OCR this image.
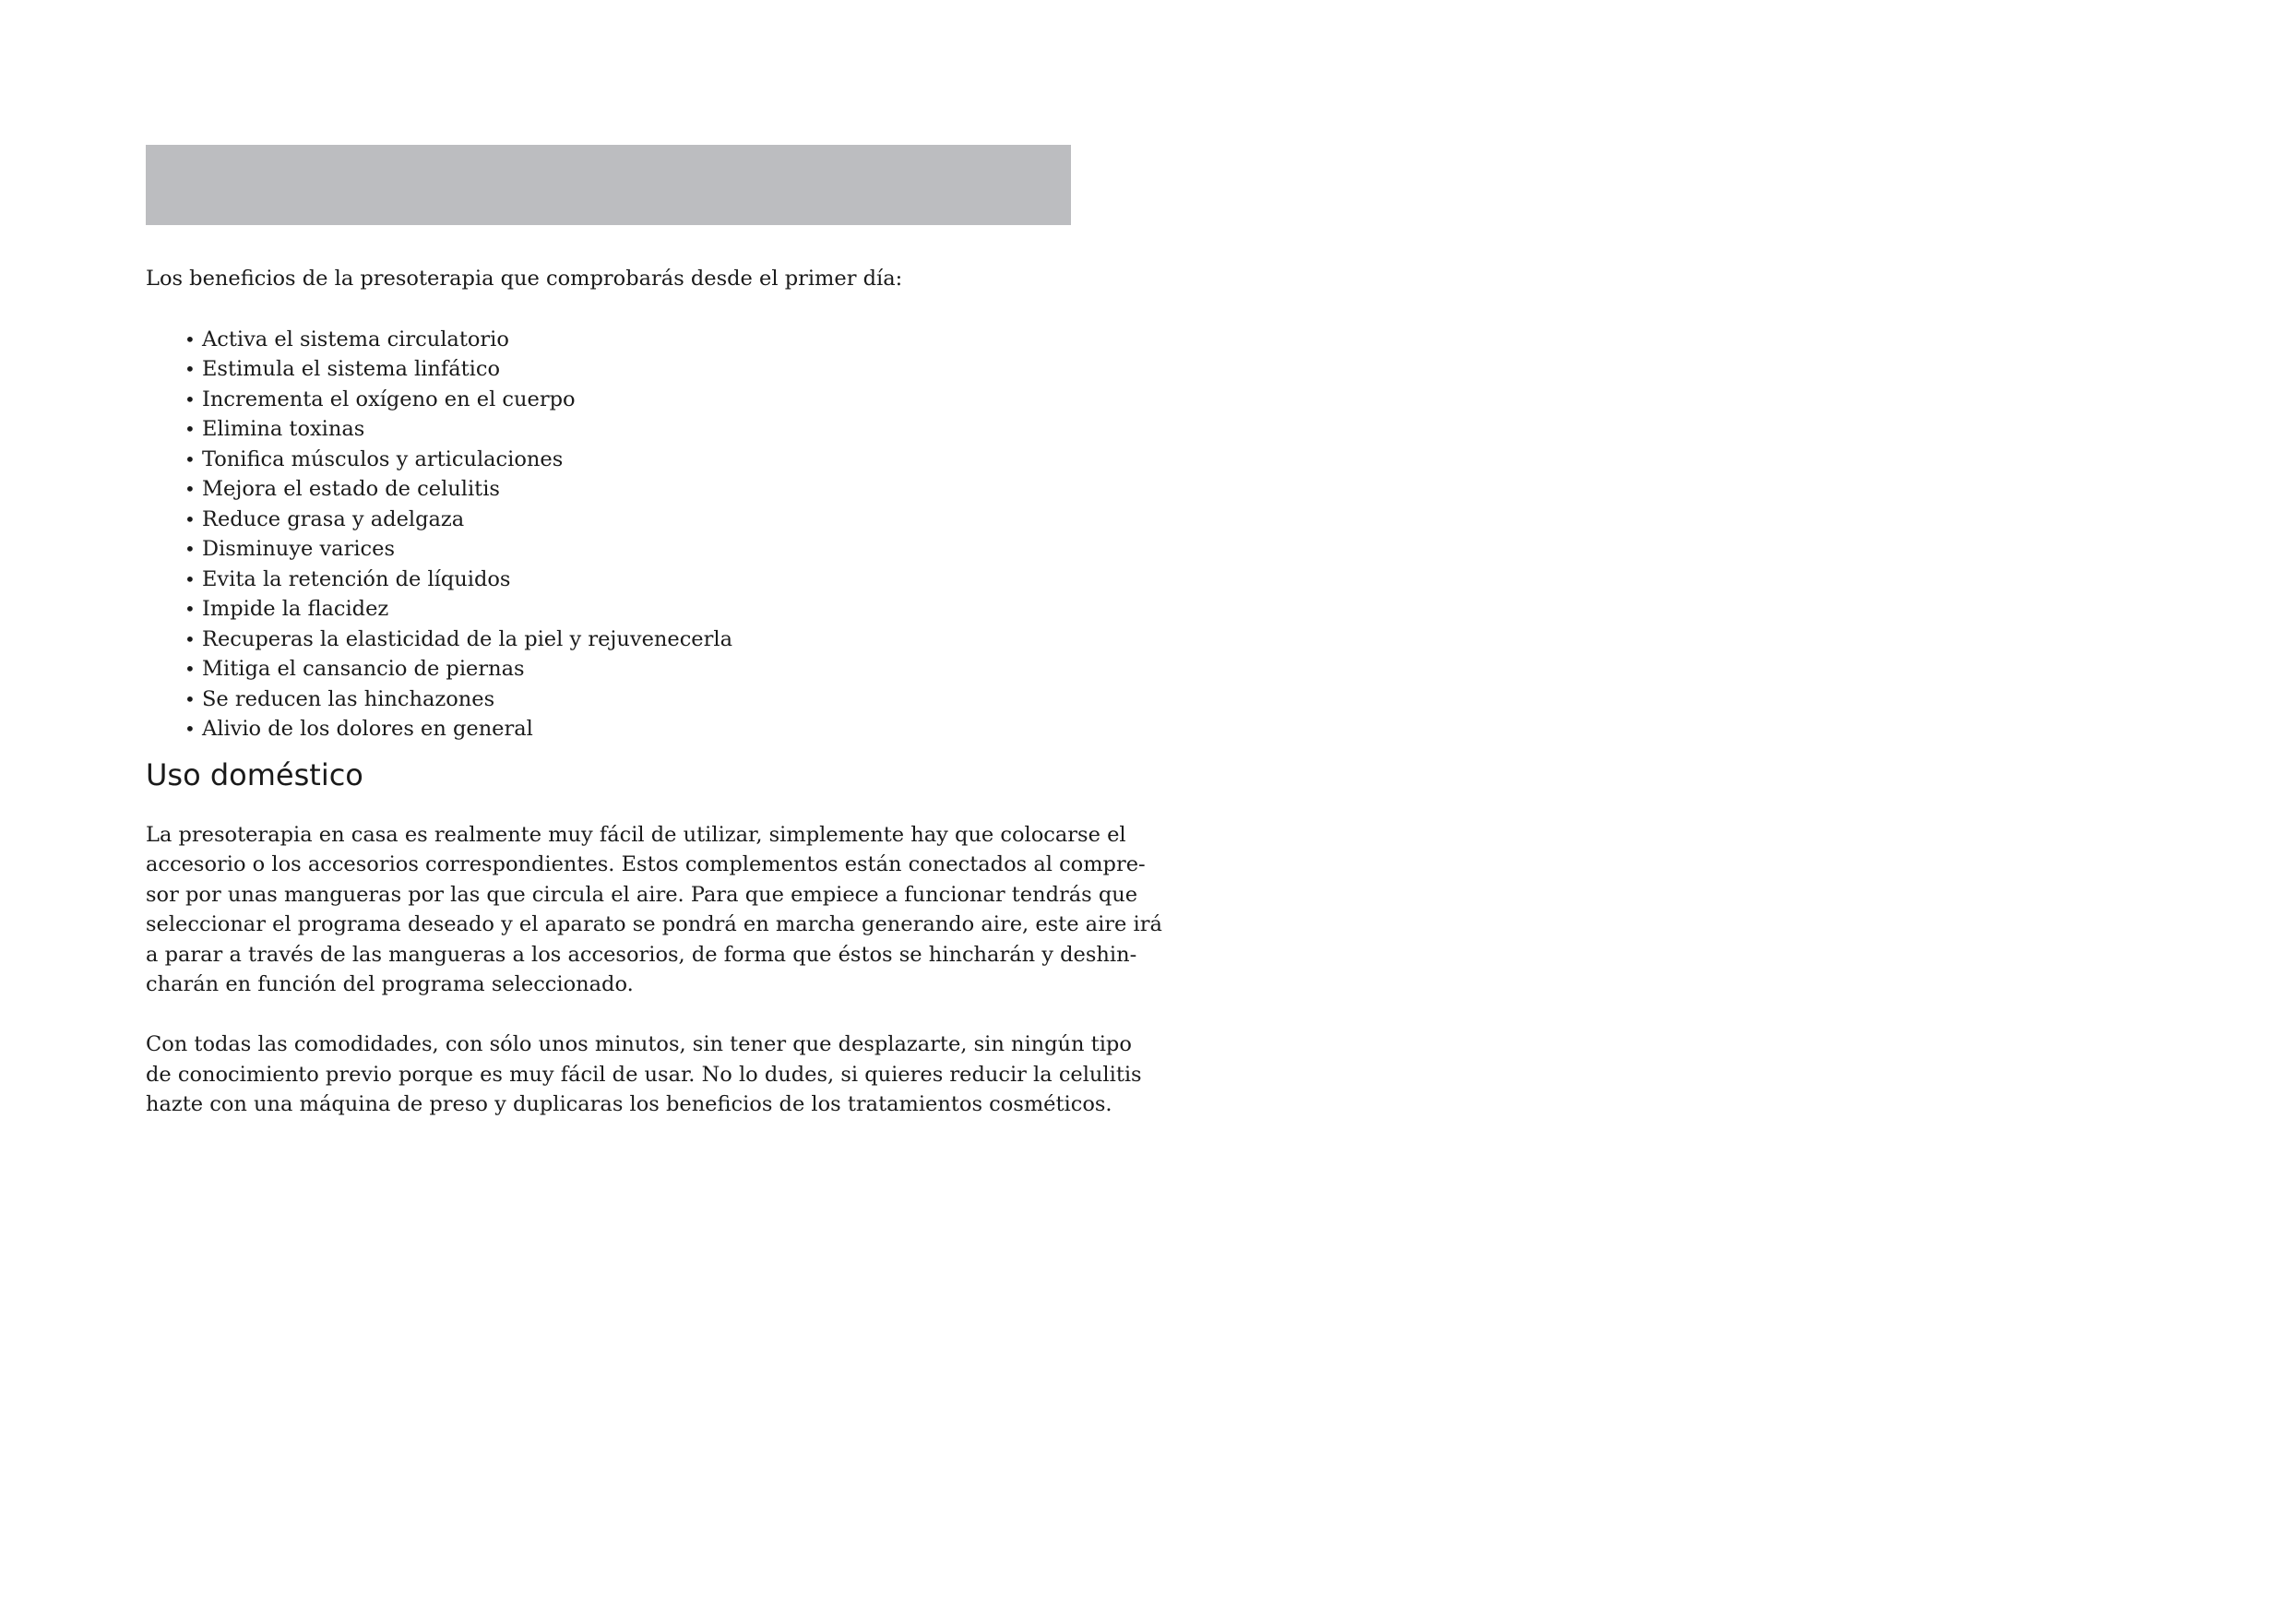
Los beneficios de la presoterapia que comprobarás desde el primer día:

• Activa el sistema circulatorio
• Estimula el sistema linfático
• Incrementa el oxígeno en el cuerpo
• Elimina toxinas
• Tonifica músculos y articulaciones
• Mejora el estado de celulitis
• Reduce grasa y adelgaza
• Disminuye varices
• Evita la retención de líquidos
• Impide la flacidez
• Recuperas la elasticidad de la piel y rejuvenecerla
• Mitiga el cansancio de piernas
• Se reducen las hinchazones
• Alivio de los dolores en general
Uso doméstico

La presoterapia en casa es realmente muy fácil de utilizar, simplemente hay que colocarse el

accesorio o los accesorios correspondientes. Estos complementos están conectados al compre-

sor por unas mangueras por las que circula el aire. Para que empiece a funcionar tendrás que

seleccionar el programa deseado y el aparato se pondrá en marcha generando aire, este aire irá

a parar a través de las mangueras a los accesorios, de forma que éstos se hincharán y deshin-

charán en función del programa seleccionado.

Con todas las comodidades, con sólo unos minutos, sin tener que desplazarte, sin ningún tipo

de conocimiento previo porque es muy fácil de usar. No lo dudes, si quieres reducir la celulitis

hazte con una máquina de preso y duplicaras los beneficios de los tratamientos cosméticos.
